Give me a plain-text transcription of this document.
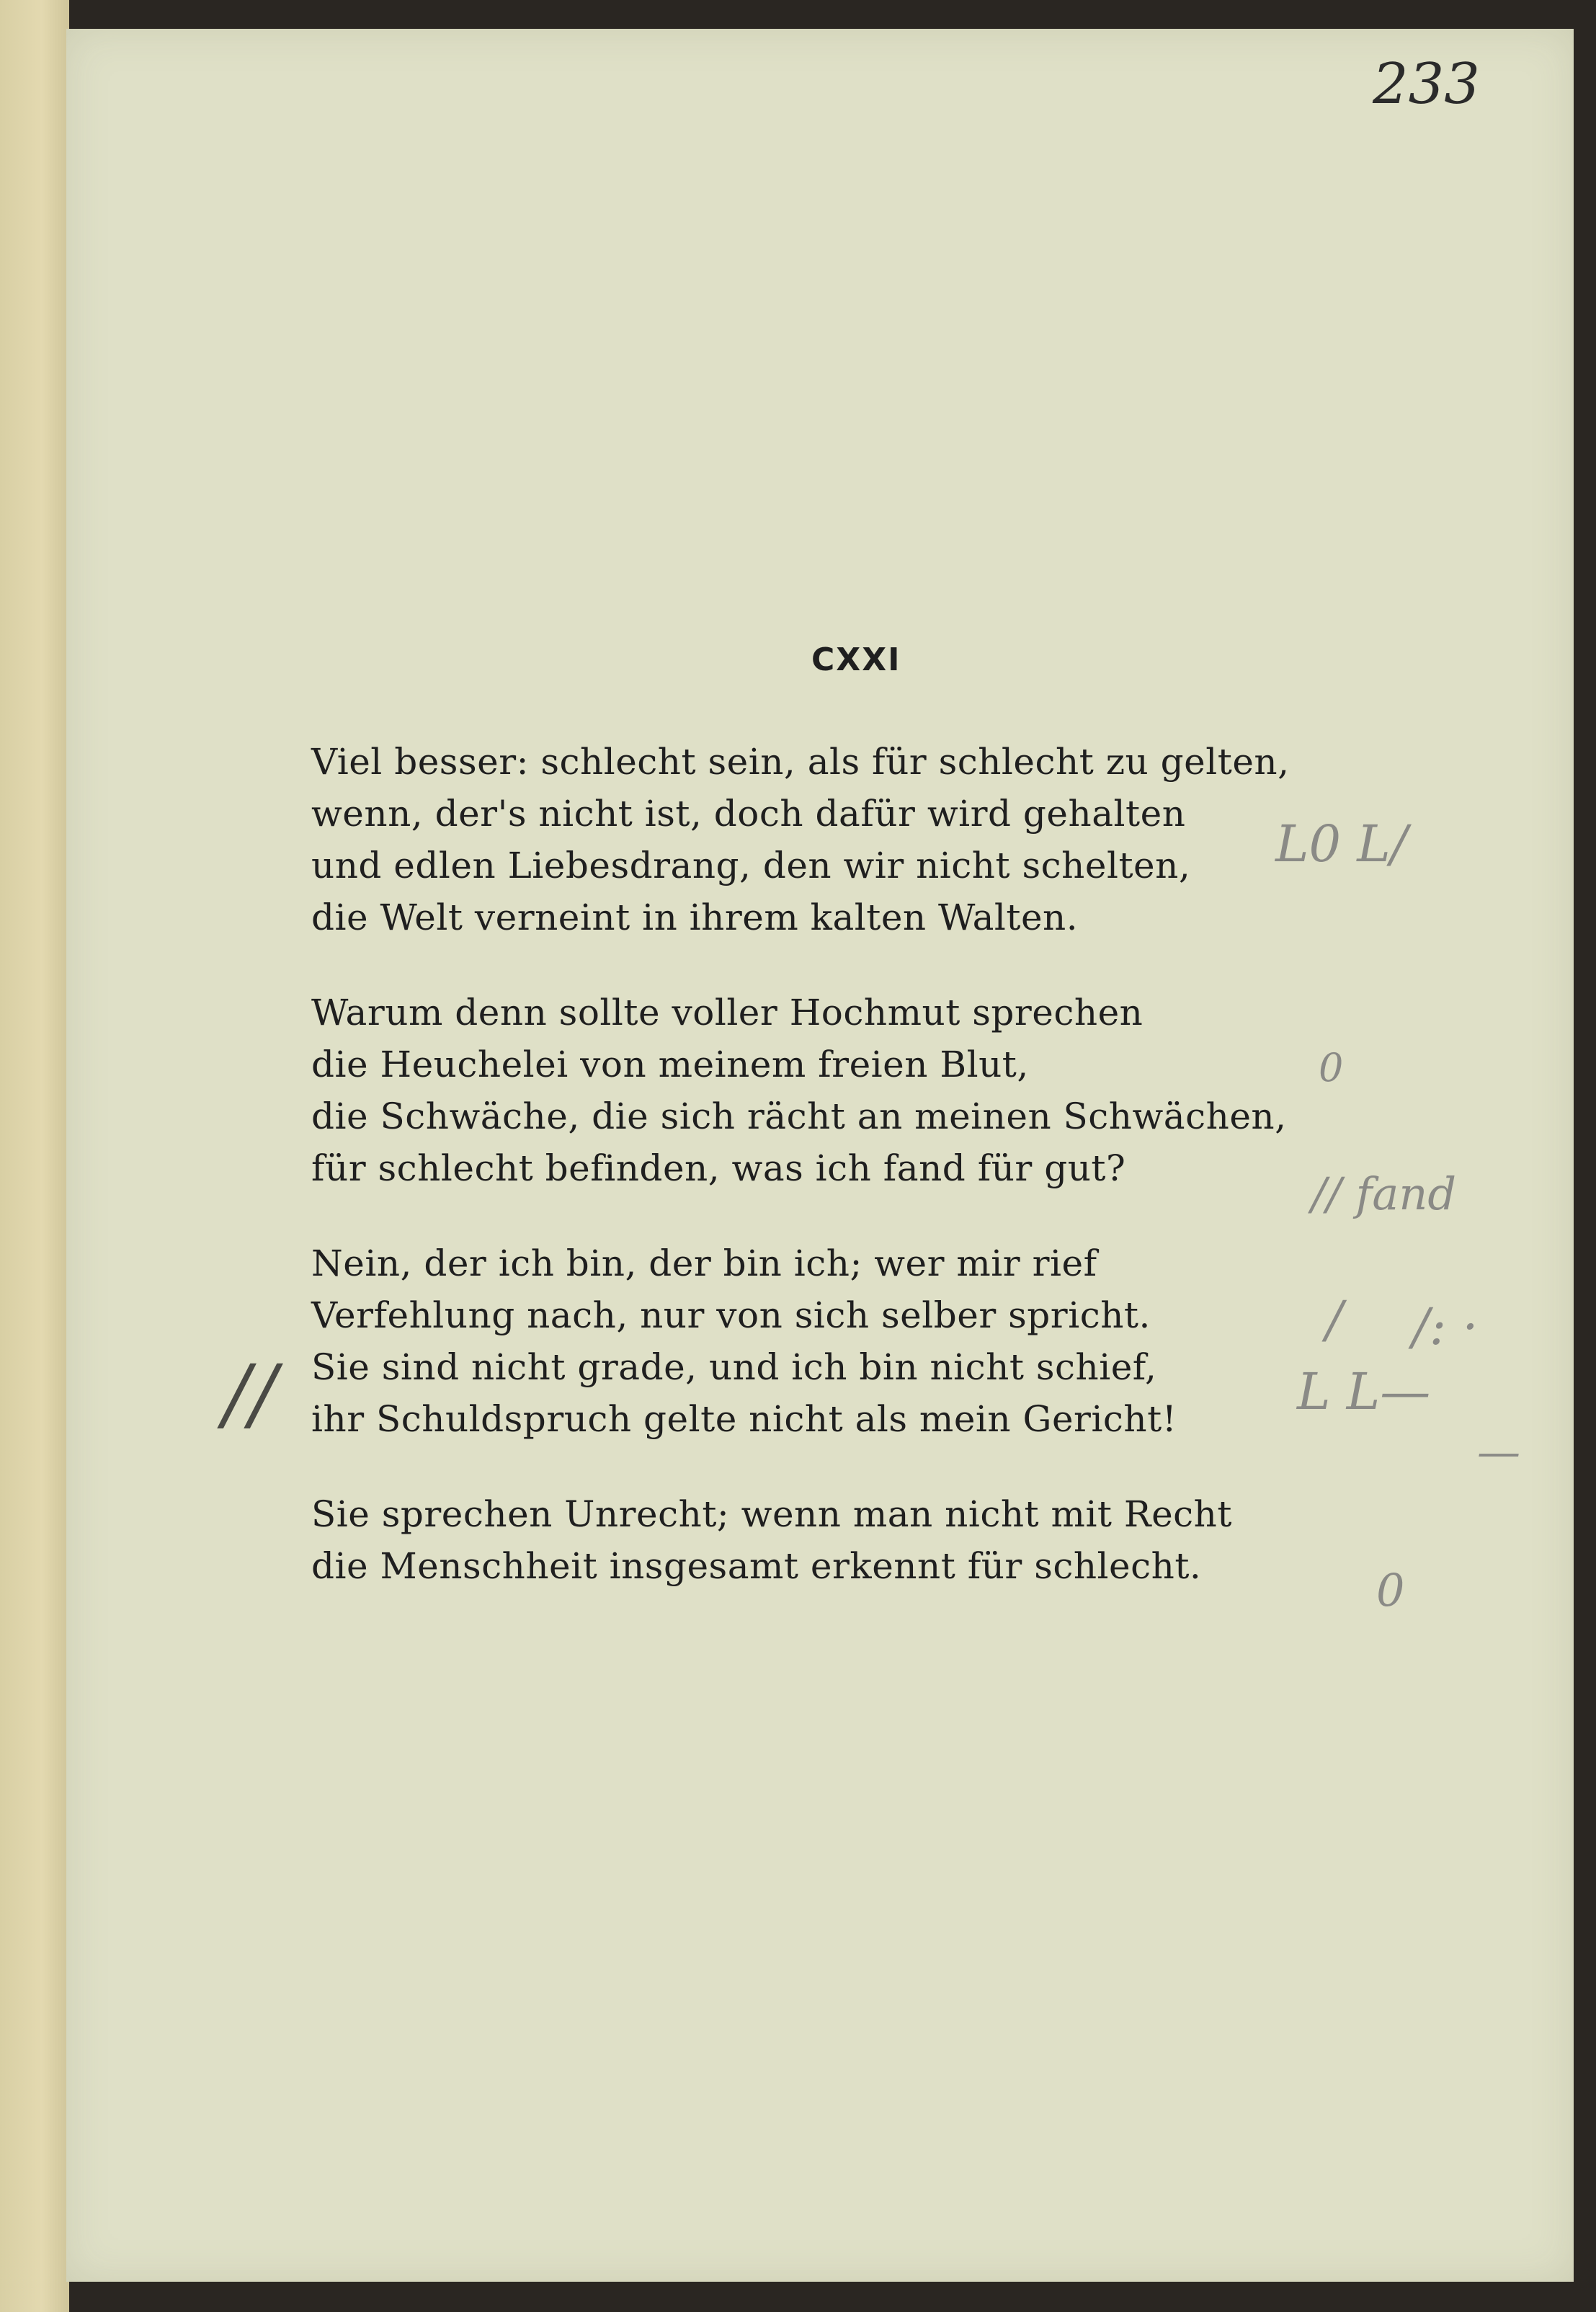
233
CXXI
Viel besser: schlecht sein, als für schlecht zu gelten,
wenn, der's nicht ist, doch dafür wird gehalten
und edlen Liebesdrang, den wir nicht schelten,
die Welt verneint in ihrem kalten Walten.
Warum denn sollte voller Hochmut sprechen
die Heuchelei von meinem freien Blut,
die Schwäche, die sich rächt an meinen Schwächen,
für schlecht befinden, was ich fand für gut?
Nein, der ich bin, der bin ich; wer mir rief
Verfehlung nach, nur von sich selber spricht.
Sie sind nicht grade, und ich bin nicht schief,
ihr Schuldspruch gelte nicht als mein Gericht!
Sie sprechen Unrecht; wenn man nicht mit Recht
die Menschheit insgesamt erkennt für schlecht.
L0 L/
0
// fand
/ /: ·
//	L L—
—
0
